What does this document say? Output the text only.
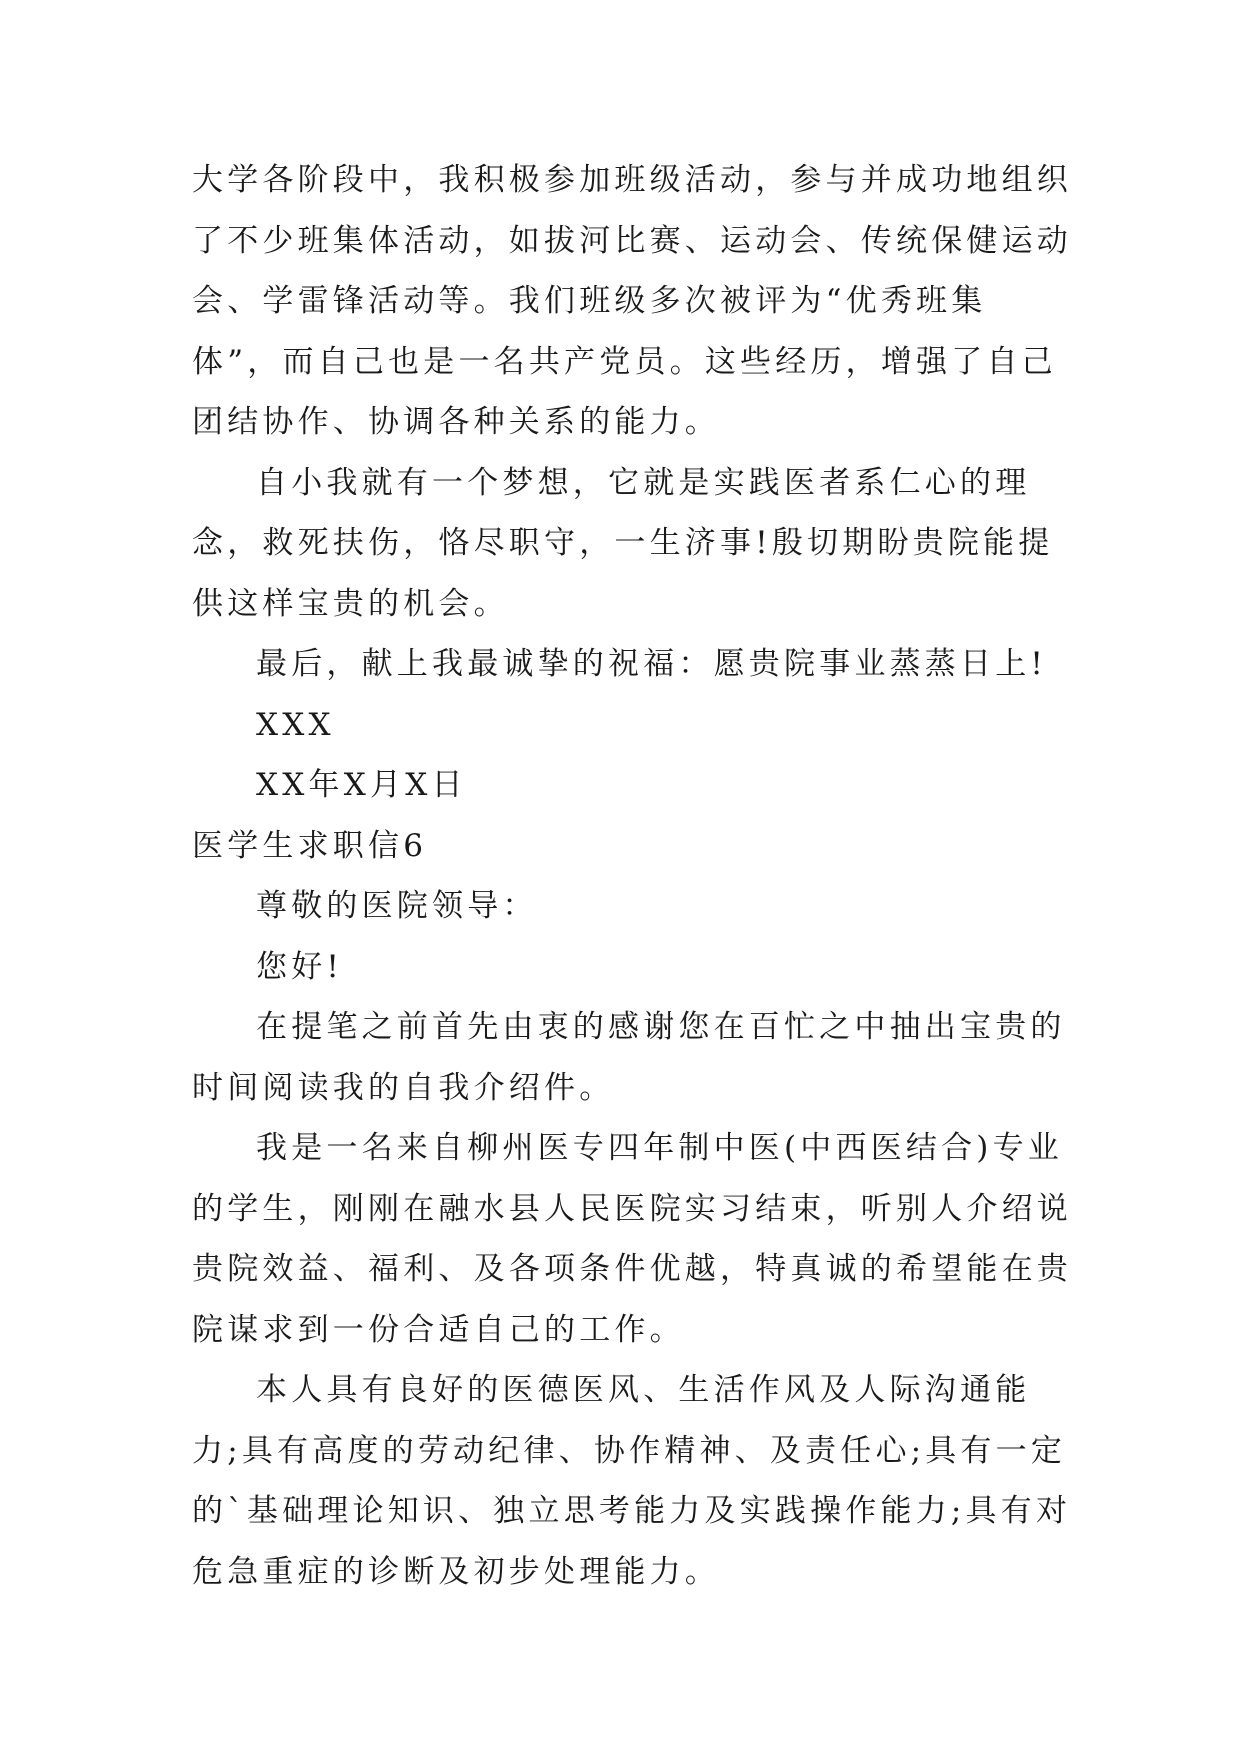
大学各阶段中，我积极参加班级活动，参与并成功地组织了不少班集体活动，如拔河比赛、运动会、传统保健运动会、学雷锋活动等。我们班级多次被评为“优秀班集体”，而自己也是一名共产党员。这些经历，增强了自己团结协作、协调各种关系的能力。

自小我就有一个梦想，它就是实践医者系仁心的理念，救死扶伤，恪尽职守，一生济事!殷切期盼贵院能提供这样宝贵的机会。

最后，献上我最诚挚的祝福：愿贵院事业蒸蒸日上!

XXX

XX年X月X日

医学生求职信6

尊敬的医院领导：

您好!

在提笔之前首先由衷的感谢您在百忙之中抽出宝贵的时间阅读我的自我介绍件。

我是一名来自柳州医专四年制中医(中西医结合)专业的学生，刚刚在融水县人民医院实习结束，听别人介绍说贵院效益、福利、及各项条件优越，特真诚的希望能在贵院谋求到一份合适自己的工作。

本人具有良好的医德医风、生活作风及人际沟通能力;具有高度的劳动纪律、协作精神、及责任心;具有一定的`基础理论知识、独立思考能力及实践操作能力;具有对危急重症的诊断及初步处理能力。
